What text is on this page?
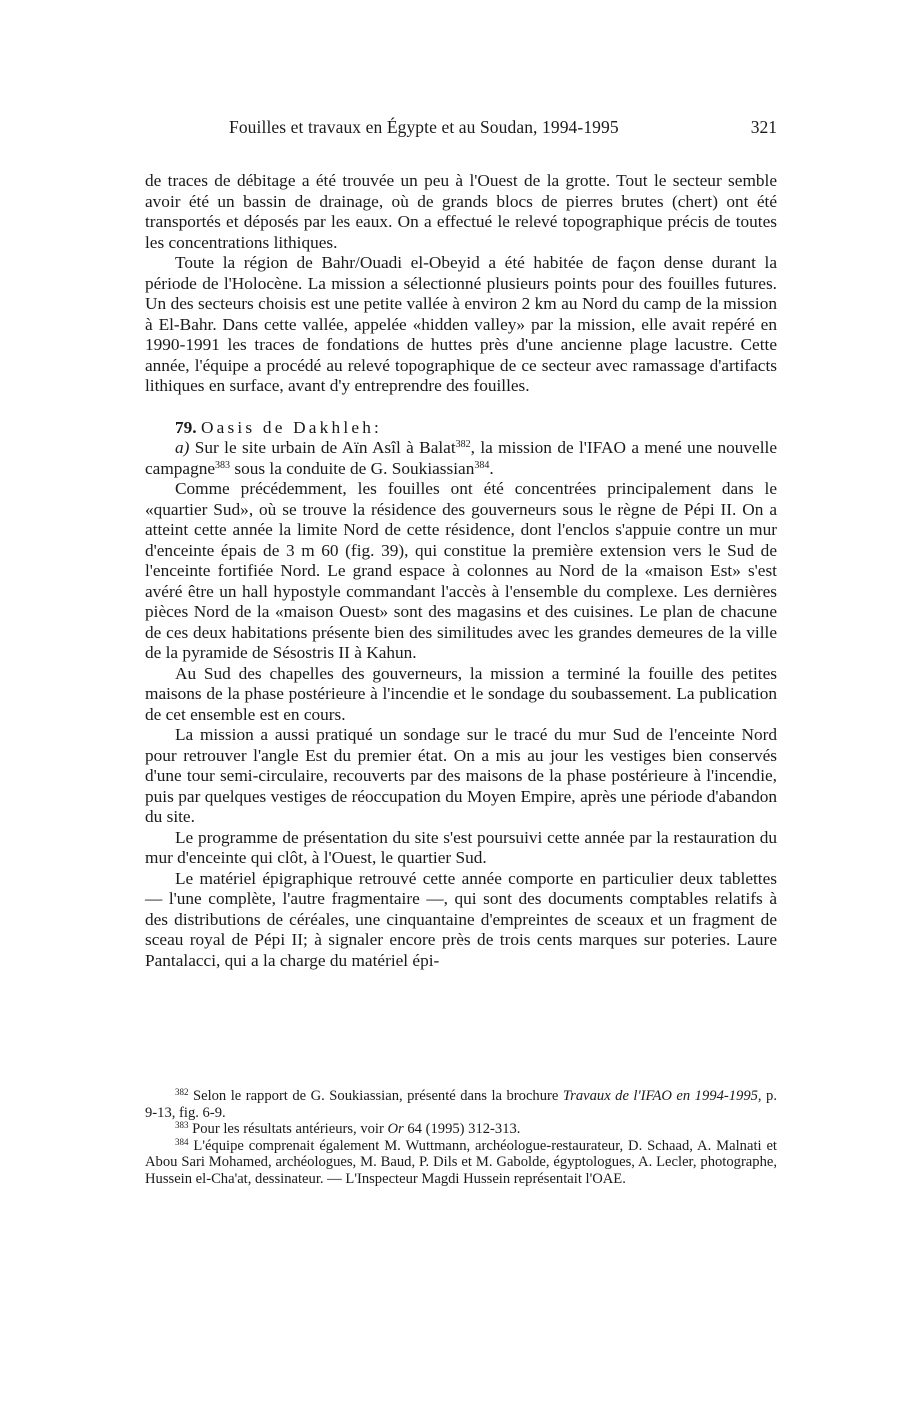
Fouilles et travaux en Égypte et au Soudan, 1994-1995	321

de traces de débitage a été trouvée un peu à l'Ouest de la grotte. Tout le secteur semble avoir été un bassin de drainage, où de grands blocs de pierres brutes (chert) ont été transportés et déposés par les eaux. On a effectué le relevé topographique précis de toutes les concentrations lithiques.

Toute la région de Bahr/Ouadi el-Obeyid a été habitée de façon dense durant la période de l'Holocène. La mission a sélectionné plusieurs points pour des fouilles futures. Un des secteurs choisis est une petite vallée à environ 2 km au Nord du camp de la mission à El-Bahr. Dans cette vallée, appelée «hidden valley» par la mission, elle avait repéré en 1990-1991 les traces de fondations de huttes près d'une ancienne plage lacustre. Cette année, l'équipe a procédé au relevé topographique de ce secteur avec ramassage d'artifacts lithiques en surface, avant d'y entreprendre des fouilles.

79. Oasis de Dakhleh:

a) Sur le site urbain de Aïn Asîl à Balat$^{382}$, la mission de l'IFAO a mené une nouvelle campagne$^{383}$ sous la conduite de G. Soukiassian$^{384}$.

Comme précédemment, les fouilles ont été concentrées principalement dans le «quartier Sud», où se trouve la résidence des gouverneurs sous le règne de Pépi II. On a atteint cette année la limite Nord de cette résidence, dont l'enclos s'appuie contre un mur d'enceinte épais de 3 m 60 (fig. 39), qui constitue la première extension vers le Sud de l'enceinte fortifiée Nord. Le grand espace à colonnes au Nord de la «maison Est» s'est avéré être un hall hypostyle commandant l'accès à l'ensemble du complexe. Les dernières pièces Nord de la «maison Ouest» sont des magasins et des cuisines. Le plan de chacune de ces deux habitations présente bien des similitudes avec les grandes demeures de la ville de la pyramide de Sésostris II à Kahun.

Au Sud des chapelles des gouverneurs, la mission a terminé la fouille des petites maisons de la phase postérieure à l'incendie et le sondage du soubassement. La publication de cet ensemble est en cours.

La mission a aussi pratiqué un sondage sur le tracé du mur Sud de l'enceinte Nord pour retrouver l'angle Est du premier état. On a mis au jour les vestiges bien conservés d'une tour semi-circulaire, recouverts par des maisons de la phase postérieure à l'incendie, puis par quelques vestiges de réoccupation du Moyen Empire, après une période d'abandon du site.

Le programme de présentation du site s'est poursuivi cette année par la restauration du mur d'enceinte qui clôt, à l'Ouest, le quartier Sud.

Le matériel épigraphique retrouvé cette année comporte en particulier deux tablettes — l'une complète, l'autre fragmentaire —, qui sont des documents comptables relatifs à des distributions de céréales, une cinquantaine d'empreintes de sceaux et un fragment de sceau royal de Pépi II; à signaler encore près de trois cents marques sur poteries. Laure Pantalacci, qui a la charge du matériel épi-

$^{382}$ Selon le rapport de G. Soukiassian, présenté dans la brochure Travaux de l'IFAO en 1994-1995, p. 9-13, fig. 6-9.

$^{383}$ Pour les résultats antérieurs, voir Or 64 (1995) 312-313.

$^{384}$ L'équipe comprenait également M. Wuttmann, archéologue-restaurateur, D. Schaad, A. Malnati et Abou Sari Mohamed, archéologues, M. Baud, P. Dils et M. Gabolde, égyptologues, A. Lecler, photographe, Hussein el-Cha'at, dessinateur. — L'Inspecteur Magdi Hussein représentait l'OAE.
